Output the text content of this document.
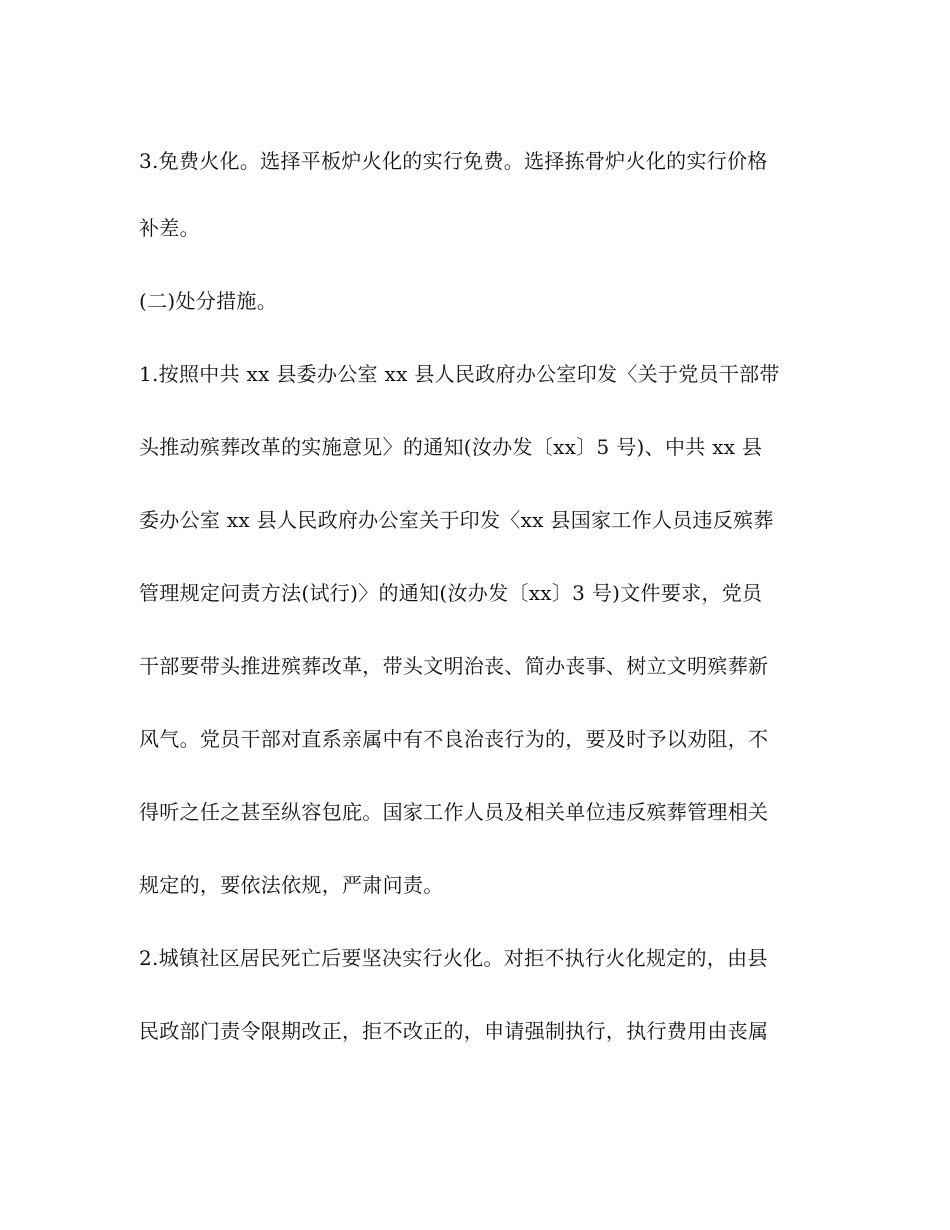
3.免费火化。选择平板炉火化的实行免费。选择拣骨炉火化的实行价格

补差。

(二)处分措施。

1.按照中共 xx 县委办公室 xx 县人民政府办公室印发〈关于党员干部带

头推动殡葬改革的实施意见〉的通知(汝办发〔xx〕5 号)、中共 xx 县

委办公室 xx 县人民政府办公室关于印发〈xx 县国家工作人员违反殡葬

管理规定问责方法(试行)〉的通知(汝办发〔xx〕3 号)文件要求，党员

干部要带头推进殡葬改革，带头文明治丧、简办丧事、树立文明殡葬新

风气。党员干部对直系亲属中有不良治丧行为的，要及时予以劝阻，不

得听之任之甚至纵容包庇。国家工作人员及相关单位违反殡葬管理相关

规定的，要依法依规，严肃问责。

2.城镇社区居民死亡后要坚决实行火化。对拒不执行火化规定的，由县

民政部门责令限期改正，拒不改正的，申请强制执行，执行费用由丧属
